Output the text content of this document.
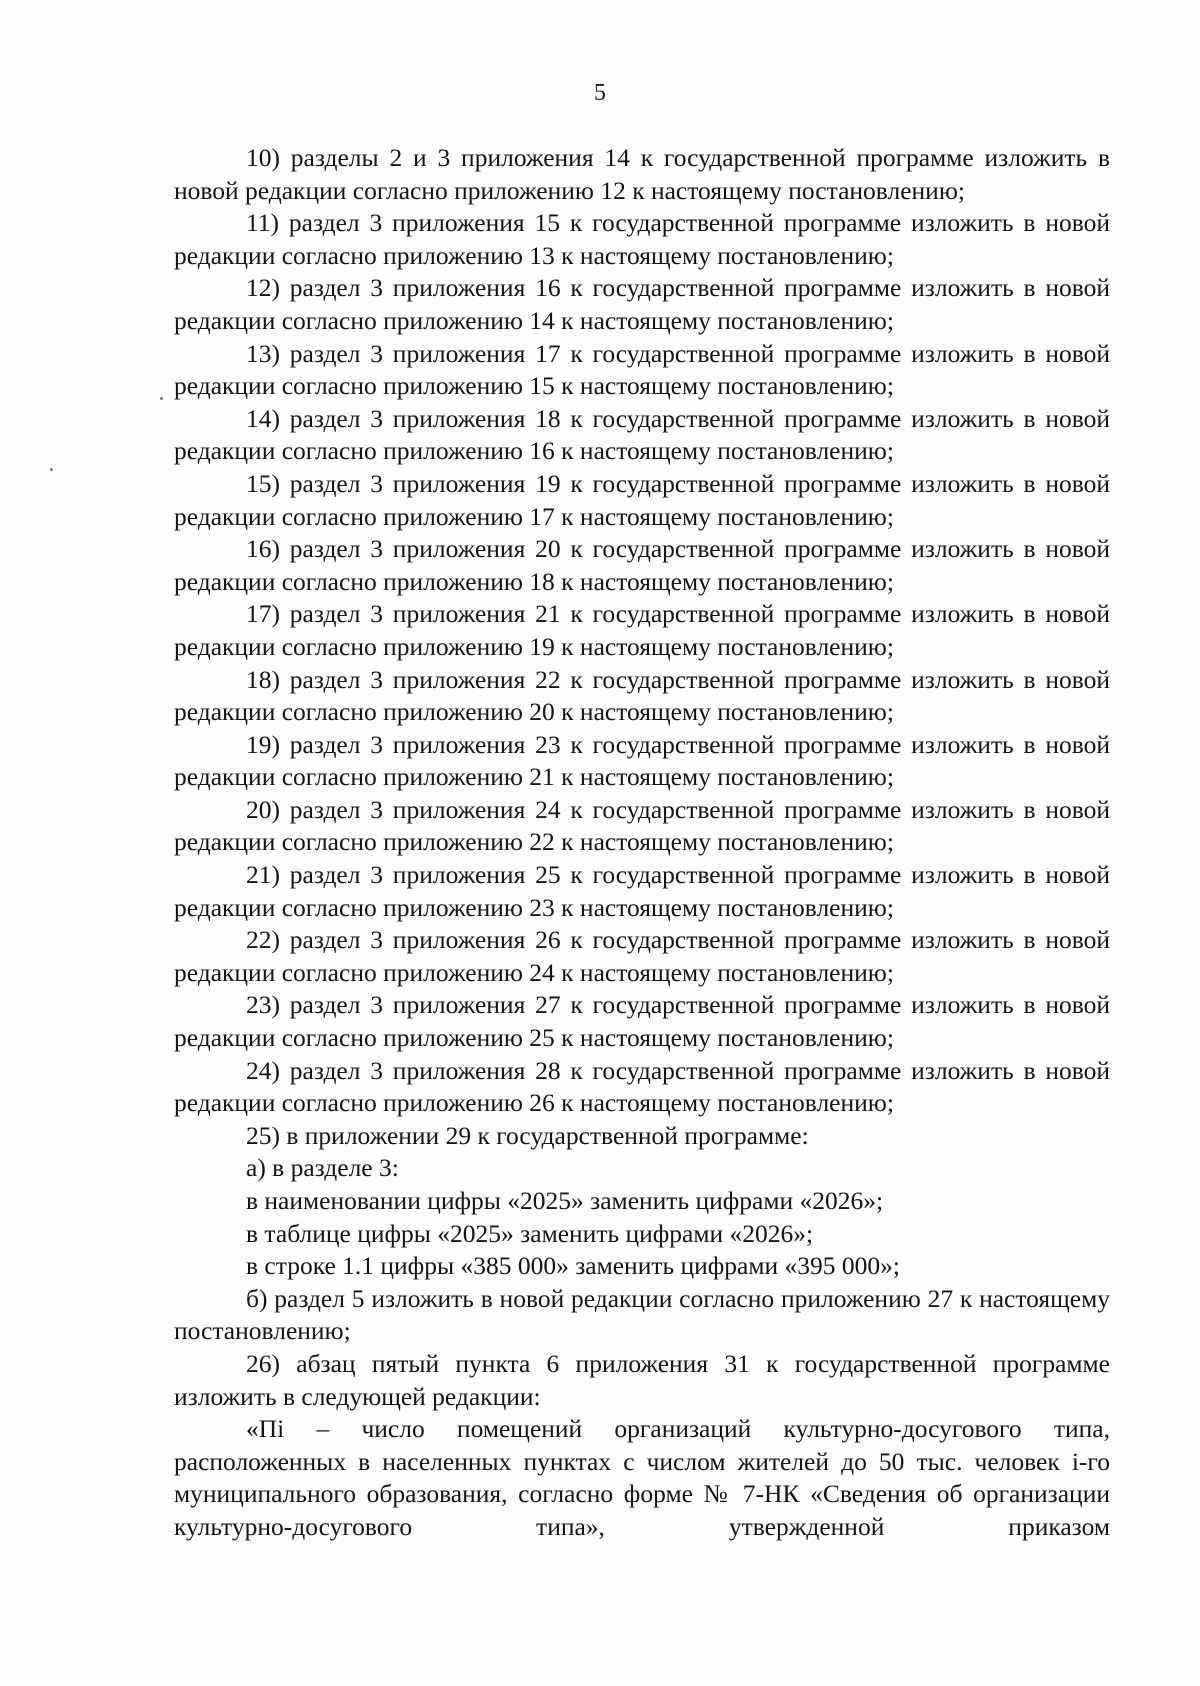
5

10) разделы 2 и 3 приложения 14 к государственной программе изложить в новой редакции согласно приложению 12 к настоящему постановлению;

11) раздел 3 приложения 15 к государственной программе изложить в новой редакции согласно приложению 13 к настоящему постановлению;

12) раздел 3 приложения 16 к государственной программе изложить в новой редакции согласно приложению 14 к настоящему постановлению;

13) раздел 3 приложения 17 к государственной программе изложить в новой редакции согласно приложению 15 к настоящему постановлению;

14) раздел 3 приложения 18 к государственной программе изложить в новой редакции согласно приложению 16 к настоящему постановлению;

15) раздел 3 приложения 19 к государственной программе изложить в новой редакции согласно приложению 17 к настоящему постановлению;

16) раздел 3 приложения 20 к государственной программе изложить в новой редакции согласно приложению 18 к настоящему постановлению;

17) раздел 3 приложения 21 к государственной программе изложить в новой редакции согласно приложению 19 к настоящему постановлению;

18) раздел 3 приложения 22 к государственной программе изложить в новой редакции согласно приложению 20 к настоящему постановлению;

19) раздел 3 приложения 23 к государственной программе изложить в новой редакции согласно приложению 21 к настоящему постановлению;

20) раздел 3 приложения 24 к государственной программе изложить в новой редакции согласно приложению 22 к настоящему постановлению;

21) раздел 3 приложения 25 к государственной программе изложить в новой редакции согласно приложению 23 к настоящему постановлению;

22) раздел 3 приложения 26 к государственной программе изложить в новой редакции согласно приложению 24 к настоящему постановлению;

23) раздел 3 приложения 27 к государственной программе изложить в новой редакции согласно приложению 25 к настоящему постановлению;

24) раздел 3 приложения 28 к государственной программе изложить в новой редакции согласно приложению 26 к настоящему постановлению;

25) в приложении 29 к государственной программе:

а) в разделе 3:

в наименовании цифры «2025» заменить цифрами «2026»;

в таблице цифры «2025» заменить цифрами «2026»;

в строке 1.1 цифры «385 000» заменить цифрами «395 000»;

б) раздел 5 изложить в новой редакции согласно приложению 27 к настоящему постановлению;

26) абзац пятый пункта 6 приложения 31 к государственной программе изложить в следующей редакции:

«Пi – число помещений организаций культурно-досугового типа, расположенных в населенных пунктах с числом жителей до 50 тыс. человек i-го муниципального образования, согласно форме № 7-НК «Сведения об организации культурно-досугового типа», утвержденной приказом
